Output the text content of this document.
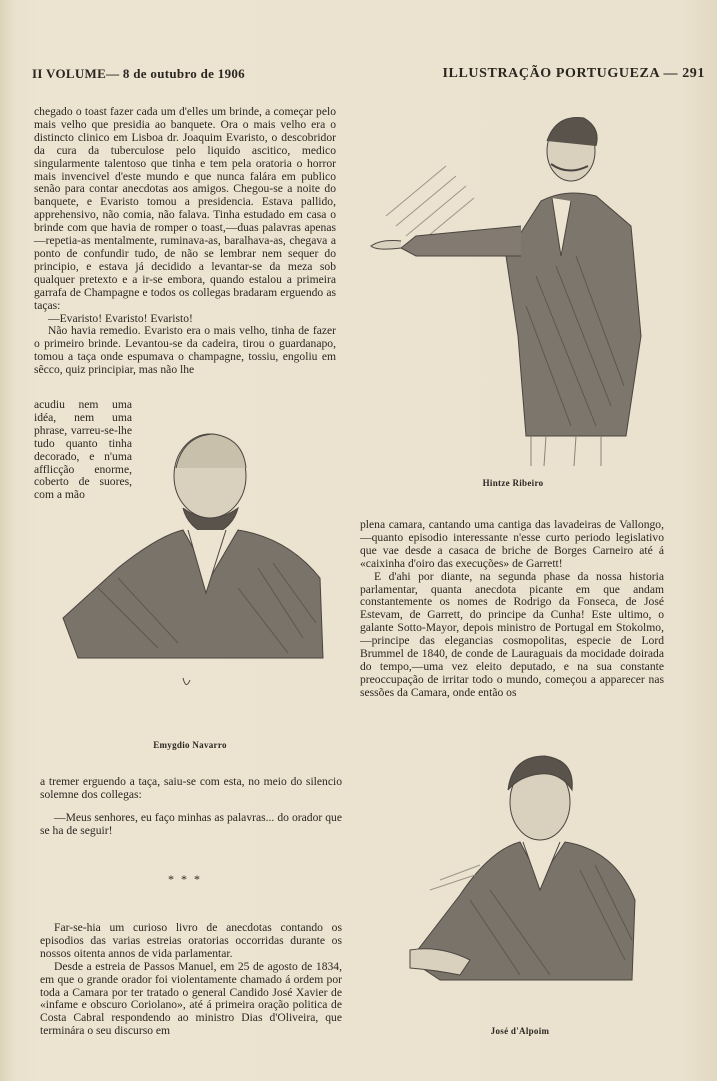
II VOLUME— 8 de outubro de 1906	ILLUSTRAÇÃO PORTUGUEZA — 291

chegado o toast fazer cada um d'elles um brinde, a começar pelo mais velho que presidia ao banquete. Ora o mais velho era o distincto clinico em Lisboa dr. Joaquim Evaristo, o descobridor da cura da tuberculose pelo liquido ascitico, medico singularmente talentoso que tinha e tem pela oratoria o horror mais invencivel d'este mundo e que nunca falára em publico senão para contar anecdotas aos amigos. Chegou-se a noite do banquete, e Evaristo tomou a presidencia. Estava pallido, apprehensivo, não comia, não falava. Tinha estudado em casa o brinde com que havia de romper o toast,—duas palavras apenas—repetia-as mentalmente, ruminava-as, baralhava-as, chegava a ponto de confundir tudo, de não se lembrar nem sequer do principio, e estava já decidido a levantar-se da meza sob qualquer pretexto e a ir-se embora, quando estalou a primeira garrafa de Champagne e todos os collegas bradaram erguendo as taças:

—Evaristo! Evaristo! Evaristo!

Não havia remedio. Evaristo era o mais velho, tinha de fazer o primeiro brinde. Levantou-se da cadeira, tirou o guardanapo, tomou a taça onde espumava o champagne, tossiu, engoliu em sêcco, quiz principiar, mas não lhe

acudiu nem uma idéa, nem uma phrase, varreu-se-lhe tudo quanto tinha decorado, e n'uma afflicção enorme, coberto de suores, com a mão

Hintze Ribeiro
Emygdio Navarro

a tremer erguendo a taça, saiu-se com esta, no meio do silencio solemne dos collegas:

—Meus senhores, eu faço minhas as palavras... do orador que se ha de seguir!

* * *

Far-se-hia um curioso livro de anecdotas contando os episodios das varias estreias oratorias occorridas durante os nossos oitenta annos de vida parlamentar.

Desde a estreia de Passos Manuel, em 25 de agosto de 1834, em que o grande orador foi violentamente chamado á ordem por toda a Camara por ter tratado o general Candido José Xavier de «infame e obscuro Coriolano», até á primeira oração politica de Costa Cabral respondendo ao ministro Dias d'Oliveira, que terminára o seu discurso em

plena camara, cantando uma cantiga das lavadeiras de Vallongo,—quanto episodio interessante n'esse curto periodo legislativo que vae desde a casaca de briche de Borges Carneiro até á «caixinha d'oiro das execuções» de Garrett!

E d'ahi por diante, na segunda phase da nossa historia parlamentar, quanta anecdota picante em que andam constantemente os nomes de Rodrigo da Fonseca, de José Estevam, de Garrett, do principe da Cunha! Este ultimo, o galante Sotto-Mayor, depois ministro de Portugal em Stokolmo,—principe das elegancias cosmopolitas, especie de Lord Brummel de 1840, de conde de Lauraguais da mocidade doirada do tempo,—uma vez eleito deputado, e na sua constante preoccupação de irritar todo o mundo, começou a apparecer nas sessões da Camara, onde então os

José d'Alpoim
